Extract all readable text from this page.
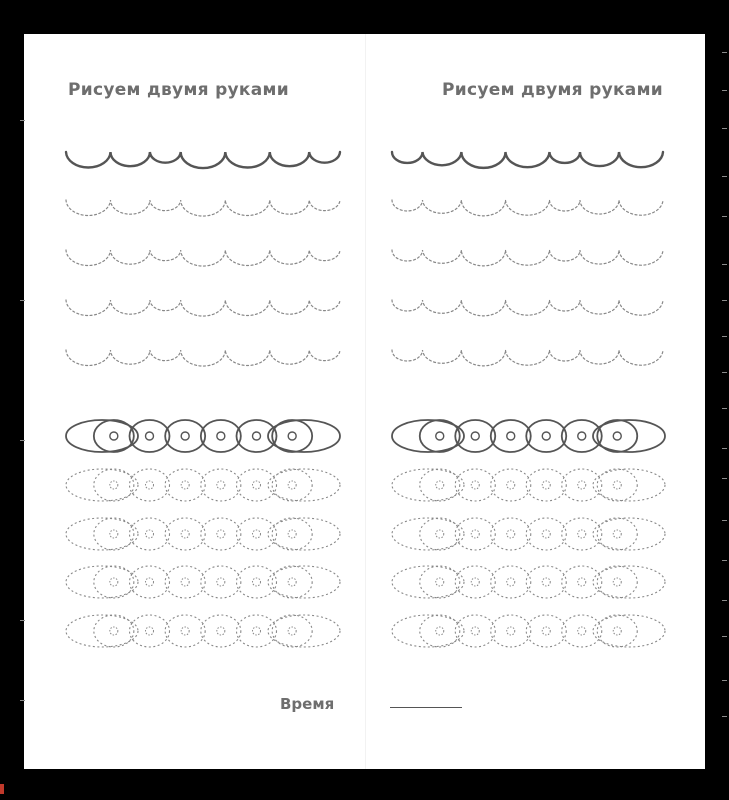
Рисуем двумя руками	Рисуем двумя руками
Время
